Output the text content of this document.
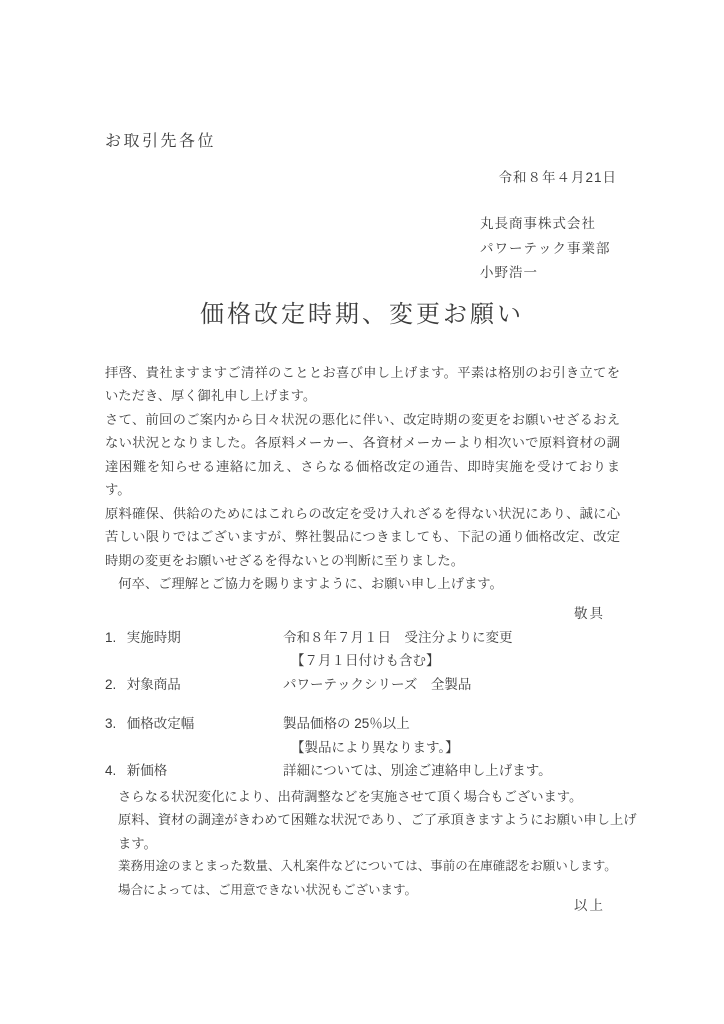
お取引先各位
令和８年４月21日
丸長商事株式会社
パワーテック事業部
小野浩一
価格改定時期、変更お願い

拝啓、貴社ますますご清祥のこととお喜び申し上げます。平素は格別のお引き立てをいただき、厚く御礼申し上げます。

さて、前回のご案内から日々状況の悪化に伴い、改定時期の変更をお願いせざるおえない状況となりました。各原料メーカー、各資材メーカーより相次いで原料資材の調達困難を知らせる連絡に加え、さらなる価格改定の通告、即時実施を受けております。

原料確保、供給のためにはこれらの改定を受け入れざるを得ない状況にあり、誠に心苦しい限りではございますが、弊社製品につきましても、下記の通り価格改定、改定時期の変更をお願いせざるを得ないとの判断に至りました。

　何卒、ご理解とご協力を賜りますように、お願い申し上げます。

敬具
1. 実施時期	令和８年７月１日　受注分よりに変更
【７月１日付けも含む】
2. 対象商品	パワーテックシリーズ　全製品
3. 価格改定幅	製品価格の 25％以上
【製品により異なります。】
4. 新価格	詳細については、別途ご連絡申し上げます。

さらなる状況変化により、出荷調整などを実施させて頂く場合もございます。

原料、資材の調達がきわめて困難な状況であり、ご了承頂きますようにお願い申し上げます。

業務用途のまとまった数量、入札案件などについては、事前の在庫確認をお願いします。

場合によっては、ご用意できない状況もございます。

以上
